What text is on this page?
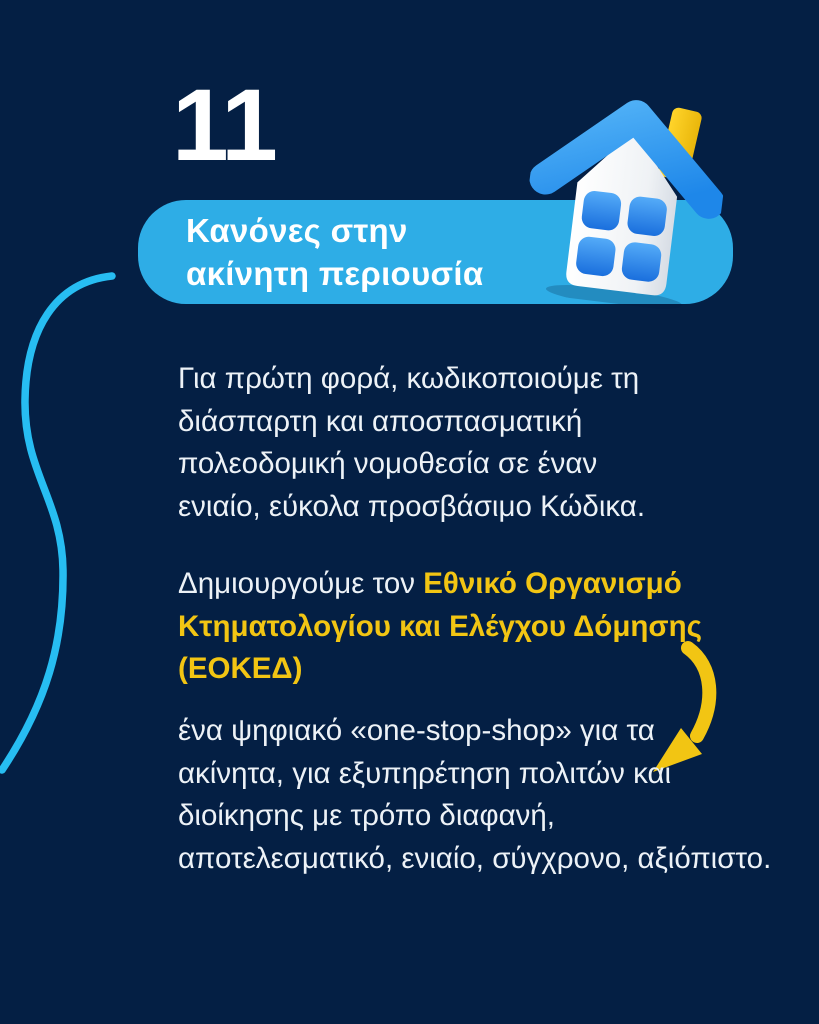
11
Κανόνες στην
ακίνητη περιουσία
Για πρώτη φορά, κωδικοποιούμε τη
διάσπαρτη και αποσπασματική
πολεοδομική νομοθεσία σε έναν
ενιαίο, εύκολα προσβάσιμο Κώδικα.
Δημιουργούμε τον Εθνικό Οργανισμό
Κτηματολογίου και Ελέγχου Δόμησης
(ΕΟΚΕΔ)
ένα ψηφιακό «one-stop-shop» για τα
ακίνητα, για εξυπηρέτηση πολιτών και
διοίκησης με τρόπο διαφανή,
αποτελεσματικό, ενιαίο, σύγχρονο, αξιόπιστο.
